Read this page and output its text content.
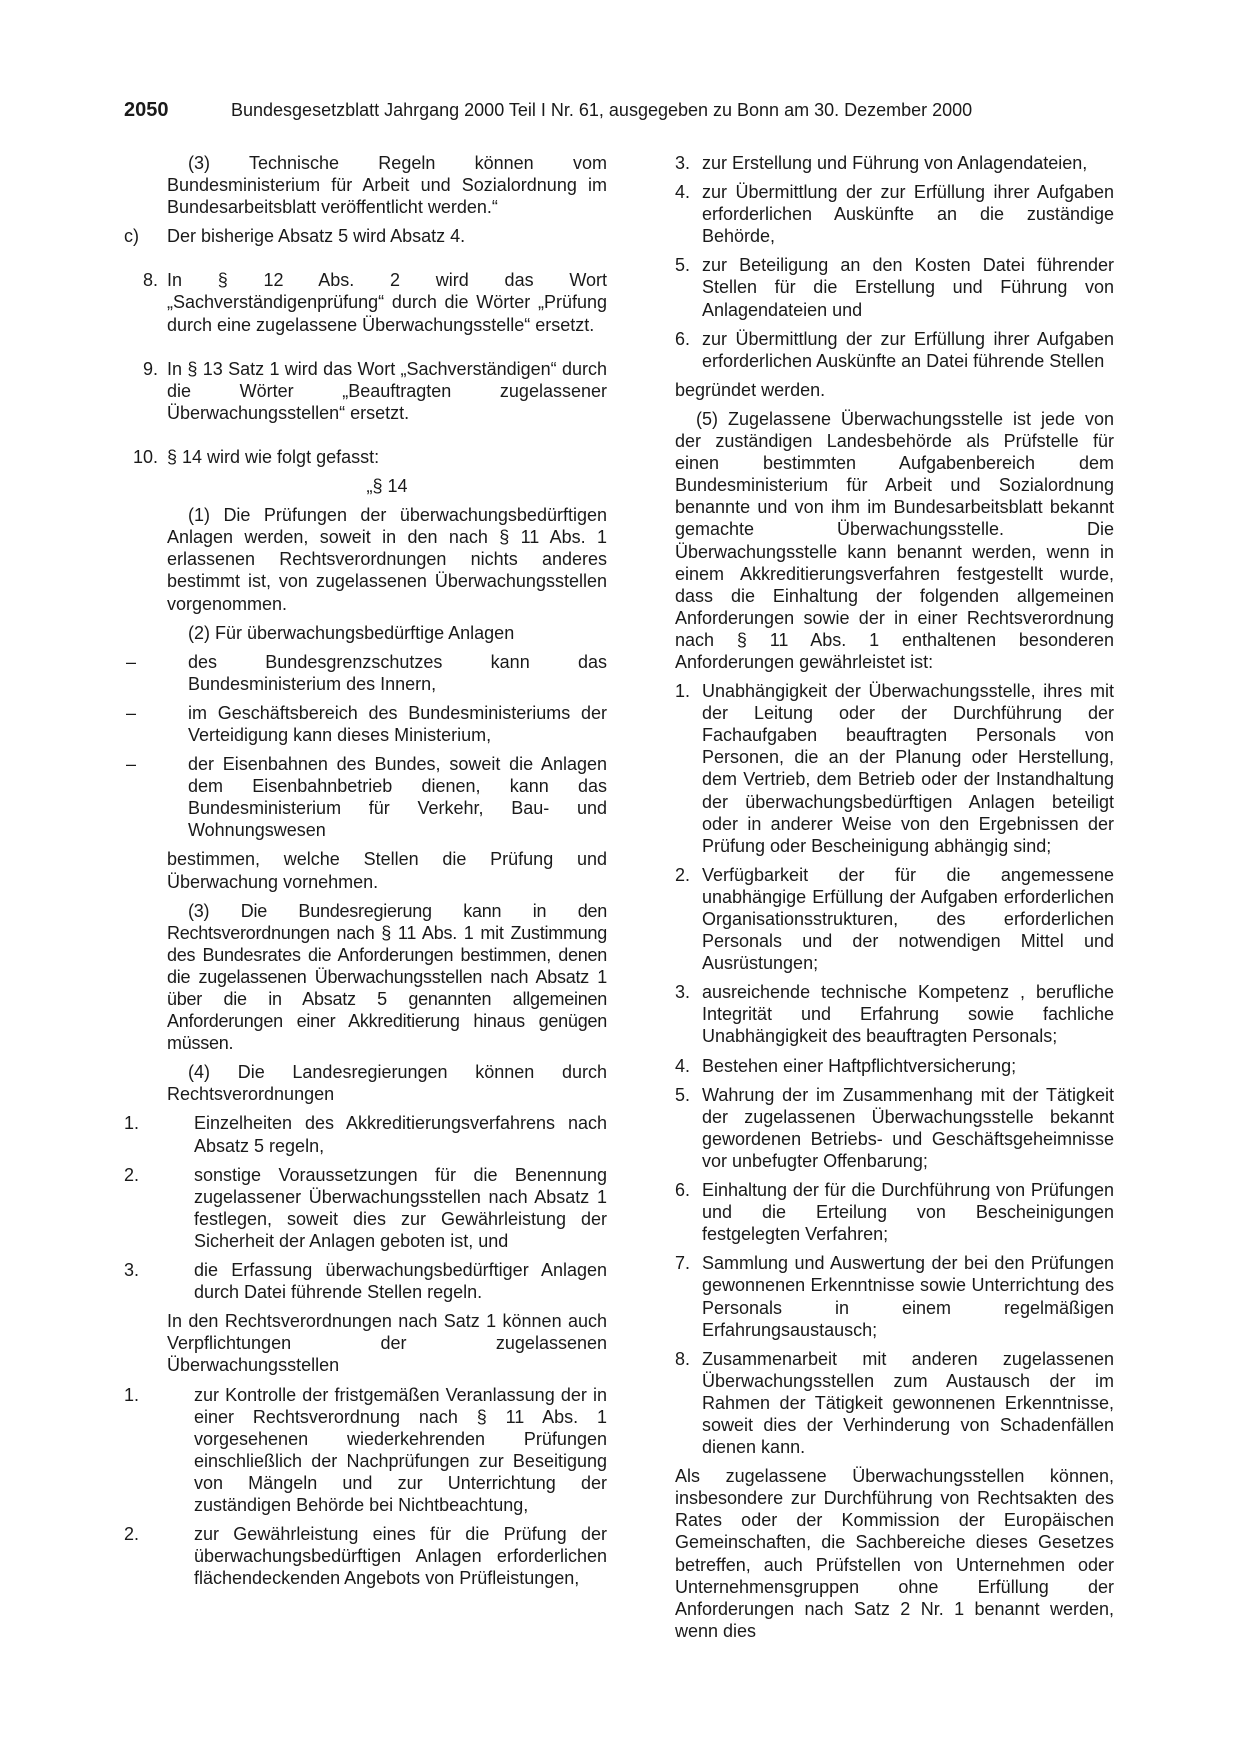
2050	Bundesgesetzblatt Jahrgang 2000 Teil I Nr. 61, ausgegeben zu Bonn am 30. Dezember 2000
(3) Technische Regeln können vom Bundesministerium für Arbeit und Sozialordnung im Bundesarbeitsblatt veröffentlicht werden.“
c) Der bisherige Absatz 5 wird Absatz 4.
8. In § 12 Abs. 2 wird das Wort „Sachverständigenprüfung“ durch die Wörter „Prüfung durch eine zugelassene Überwachungsstelle“ ersetzt.
9. In § 13 Satz 1 wird das Wort „Sachverständigen“ durch die Wörter „Beauftragten zugelassener Überwachungsstellen“ ersetzt.
10. § 14 wird wie folgt gefasst:
„§ 14
(1) Die Prüfungen der überwachungsbedürftigen Anlagen werden, soweit in den nach § 11 Abs. 1 erlassenen Rechtsverordnungen nichts anderes bestimmt ist, von zugelassenen Überwachungsstellen vorgenommen.
(2) Für überwachungsbedürftige Anlagen
–	des Bundesgrenzschutzes kann das Bundesministerium des Innern,
–	im Geschäftsbereich des Bundesministeriums der Verteidigung kann dieses Ministerium,
–	der Eisenbahnen des Bundes, soweit die Anlagen dem Eisenbahnbetrieb dienen, kann das Bundesministerium für Verkehr, Bau- und Wohnungswesen
bestimmen, welche Stellen die Prüfung und Überwachung vornehmen.
(3) Die Bundesregierung kann in den Rechtsverordnungen nach § 11 Abs. 1 mit Zustimmung des Bundesrates die Anforderungen bestimmen, denen die zugelassenen Überwachungsstellen nach Absatz 1 über die in Absatz 5 genannten allgemeinen Anforderungen einer Akkreditierung hinaus genügen müssen.
(4) Die Landesregierungen können durch Rechtsverordnungen
1.	Einzelheiten des Akkreditierungsverfahrens nach Absatz 5 regeln,
2.	sonstige Voraussetzungen für die Benennung zugelassener Überwachungsstellen nach Absatz 1 festlegen, soweit dies zur Gewährleistung der Sicherheit der Anlagen geboten ist, und
3.	die Erfassung überwachungsbedürftiger Anlagen durch Datei führende Stellen regeln.
In den Rechtsverordnungen nach Satz 1 können auch Verpflichtungen der zugelassenen Überwachungsstellen
1.	zur Kontrolle der fristgemäßen Veranlassung der in einer Rechtsverordnung nach § 11 Abs. 1 vorgesehenen wiederkehrenden Prüfungen einschließlich der Nachprüfungen zur Beseitigung von Mängeln und zur Unterrichtung der zuständigen Behörde bei Nichtbeachtung,
2.	zur Gewährleistung eines für die Prüfung der überwachungsbedürftigen Anlagen erforderlichen flächendeckenden Angebots von Prüfleistungen,
3. zur Erstellung und Führung von Anlagendateien,
4. zur Übermittlung der zur Erfüllung ihrer Aufgaben erforderlichen Auskünfte an die zuständige Behörde,
5. zur Beteiligung an den Kosten Datei führender Stellen für die Erstellung und Führung von Anlagendateien und
6. zur Übermittlung der zur Erfüllung ihrer Aufgaben erforderlichen Auskünfte an Datei führende Stellen
begründet werden.
(5) Zugelassene Überwachungsstelle ist jede von der zuständigen Landesbehörde als Prüfstelle für einen bestimmten Aufgabenbereich dem Bundesministerium für Arbeit und Sozialordnung benannte und von ihm im Bundesarbeitsblatt bekannt gemachte Überwachungsstelle. Die Überwachungsstelle kann benannt werden, wenn in einem Akkreditierungsverfahren festgestellt wurde, dass die Einhaltung der folgenden allgemeinen Anforderungen sowie der in einer Rechtsverordnung nach § 11 Abs. 1 enthaltenen besonderen Anforderungen gewährleistet ist:
1. Unabhängigkeit der Überwachungsstelle, ihres mit der Leitung oder der Durchführung der Fachaufgaben beauftragten Personals von Personen, die an der Planung oder Herstellung, dem Vertrieb, dem Betrieb oder der Instandhaltung der überwachungsbedürftigen Anlagen beteiligt oder in anderer Weise von den Ergebnissen der Prüfung oder Bescheinigung abhängig sind;
2. Verfügbarkeit der für die angemessene unabhängige Erfüllung der Aufgaben erforderlichen Organisationsstrukturen, des erforderlichen Personals und der notwendigen Mittel und Ausrüstungen;
3. ausreichende technische Kompetenz , berufliche Integrität und Erfahrung sowie fachliche Unabhängigkeit des beauftragten Personals;
4. Bestehen einer Haftpflichtversicherung;
5. Wahrung der im Zusammenhang mit der Tätigkeit der zugelassenen Überwachungsstelle bekannt gewordenen Betriebs- und Geschäftsgeheimnisse vor unbefugter Offenbarung;
6. Einhaltung der für die Durchführung von Prüfungen und die Erteilung von Bescheinigungen festgelegten Verfahren;
7. Sammlung und Auswertung der bei den Prüfungen gewonnenen Erkenntnisse sowie Unterrichtung des Personals in einem regelmäßigen Erfahrungsaustausch;
8. Zusammenarbeit mit anderen zugelassenen Überwachungsstellen zum Austausch der im Rahmen der Tätigkeit gewonnenen Erkenntnisse, soweit dies der Verhinderung von Schadenfällen dienen kann.
Als zugelassene Überwachungsstellen können, insbesondere zur Durchführung von Rechtsakten des Rates oder der Kommission der Europäischen Gemeinschaften, die Sachbereiche dieses Gesetzes betreffen, auch Prüfstellen von Unternehmen oder Unternehmensgruppen ohne Erfüllung der Anforderungen nach Satz 2 Nr. 1 benannt werden, wenn dies
